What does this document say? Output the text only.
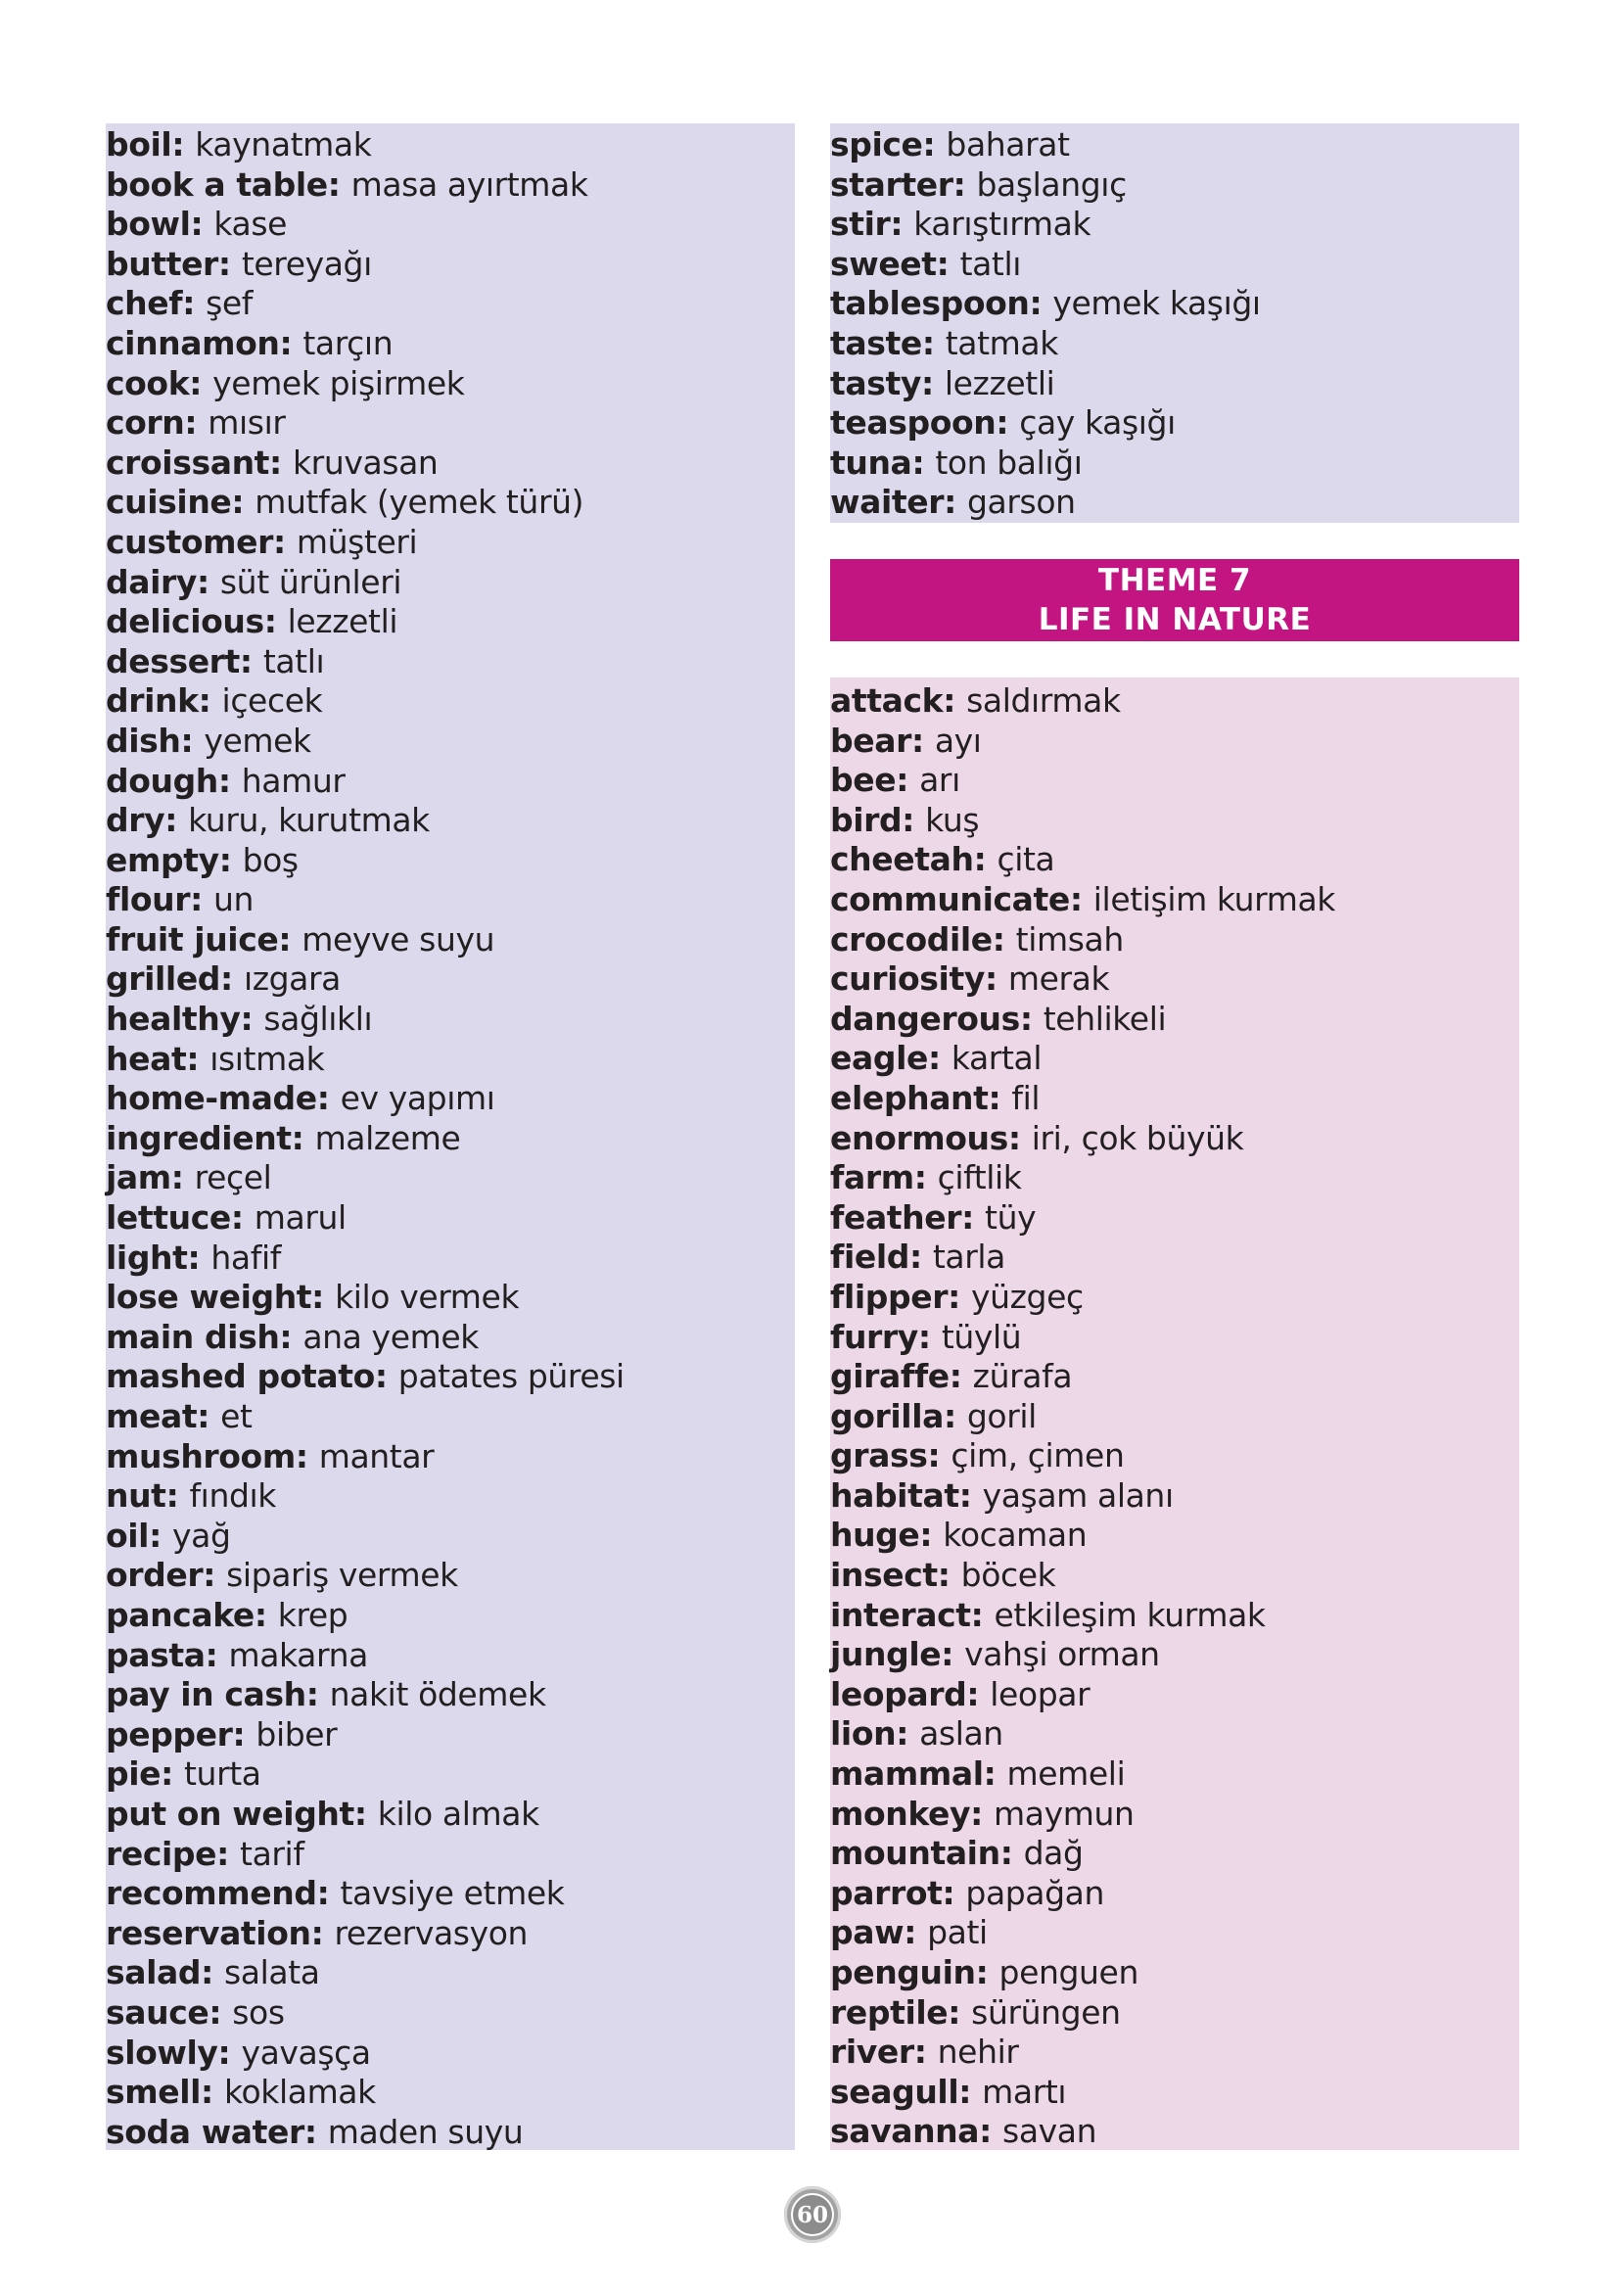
boil: kaynatmak
book a table: masa ayırtmak
bowl: kase
butter: tereyağı
chef: şef
cinnamon: tarçın
cook: yemek pişirmek
corn: mısır
croissant: kruvasan
cuisine: mutfak (yemek türü)
customer: müşteri
dairy: süt ürünleri
delicious: lezzetli
dessert: tatlı
drink: içecek
dish: yemek
dough: hamur
dry: kuru, kurutmak
empty: boş
flour: un
fruit juice: meyve suyu
grilled: ızgara
healthy: sağlıklı
heat: ısıtmak
home-made: ev yapımı
ingredient: malzeme
jam: reçel
lettuce: marul
light: hafif
lose weight: kilo vermek
main dish: ana yemek
mashed potato: patates püresi
meat: et
mushroom: mantar
nut: fındık
oil: yağ
order: sipariş vermek
pancake: krep
pasta: makarna
pay in cash: nakit ödemek
pepper: biber
pie: turta
put on weight: kilo almak
recipe: tarif
recommend: tavsiye etmek
reservation: rezervasyon
salad: salata
sauce: sos
slowly: yavaşça
smell: koklamak
soda water: maden suyu
spice: baharat
starter: başlangıç
stir: karıştırmak
sweet: tatlı
tablespoon: yemek kaşığı
taste: tatmak
tasty: lezzetli
teaspoon: çay kaşığı
tuna: ton balığı
waiter: garson
THEME 7
LIFE IN NATURE
attack: saldırmak
bear: ayı
bee: arı
bird: kuş
cheetah: çita
communicate: iletişim kurmak
crocodile: timsah
curiosity: merak
dangerous: tehlikeli
eagle: kartal
elephant: fil
enormous: iri, çok büyük
farm: çiftlik
feather: tüy
field: tarla
flipper: yüzgeç
furry: tüylü
giraffe: zürafa
gorilla: goril
grass: çim, çimen
habitat: yaşam alanı
huge: kocaman
insect: böcek
interact: etkileşim kurmak
jungle: vahşi orman
leopard: leopar
lion: aslan
mammal: memeli
monkey: maymun
mountain: dağ
parrot: papağan
paw: pati
penguin: penguen
reptile: sürüngen
river: nehir
seagull: martı
savanna: savan
60
